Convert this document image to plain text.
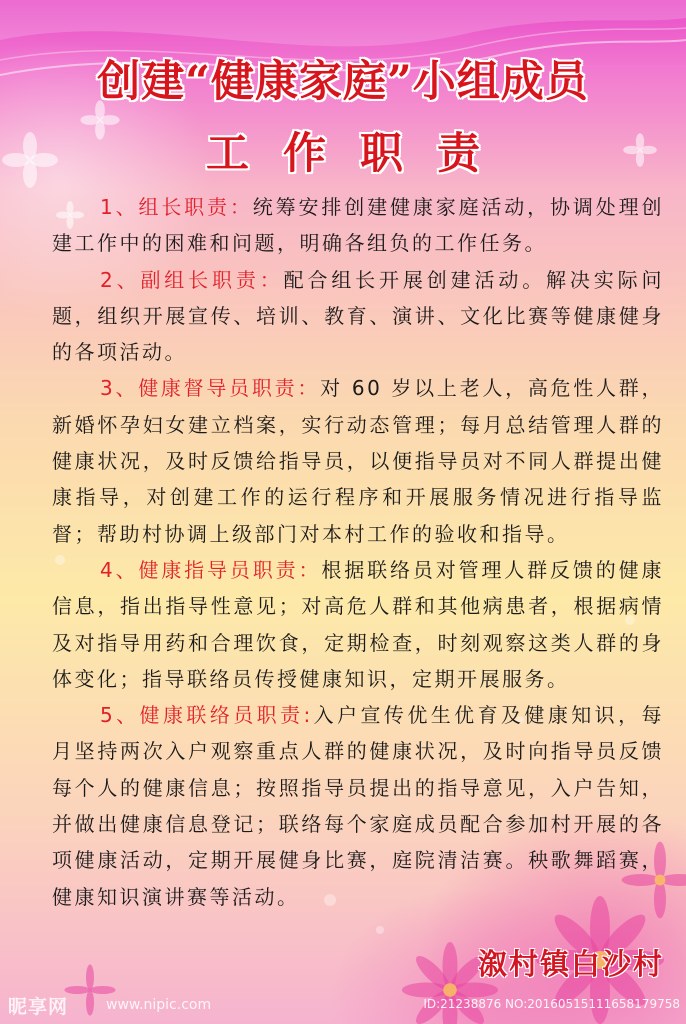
创建“健康家庭”小组成员
工作职责

1、组长职责：统筹安排创建健康家庭活动，协调处理创建工作中的困难和问题，明确各组负的工作任务。

2、副组长职责：配合组长开展创建活动。解决实际问题，组织开展宣传、培训、教育、演讲、文化比赛等健康健身的各项活动。

3、健康督导员职责：对 60 岁以上老人，高危性人群，新婚怀孕妇女建立档案，实行动态管理；每月总结管理人群的健康状况，及时反馈给指导员，以便指导员对不同人群提出健康指导，对创建工作的运行程序和开展服务情况进行指导监督；帮助村协调上级部门对本村工作的验收和指导。

4、健康指导员职责：根据联络员对管理人群反馈的健康信息，指出指导性意见；对高危人群和其他病患者，根据病情及对指导用药和合理饮食，定期检查，时刻观察这类人群的身体变化；指导联络员传授健康知识，定期开展服务。

5、健康联络员职责:入户宣传优生优育及健康知识，每月坚持两次入户观察重点人群的健康状况，及时向指导员反馈每个人的健康信息；按照指导员提出的指导意见，入户告知，并做出健康信息登记；联络每个家庭成员配合参加村开展的各项健康活动，定期开展健身比赛，庭院清洁赛。秧歌舞蹈赛，健康知识演讲赛等活动。

溆村镇白沙村
昵享网	www.nipic.com	ID:21238876 NO:20160515111658179758
